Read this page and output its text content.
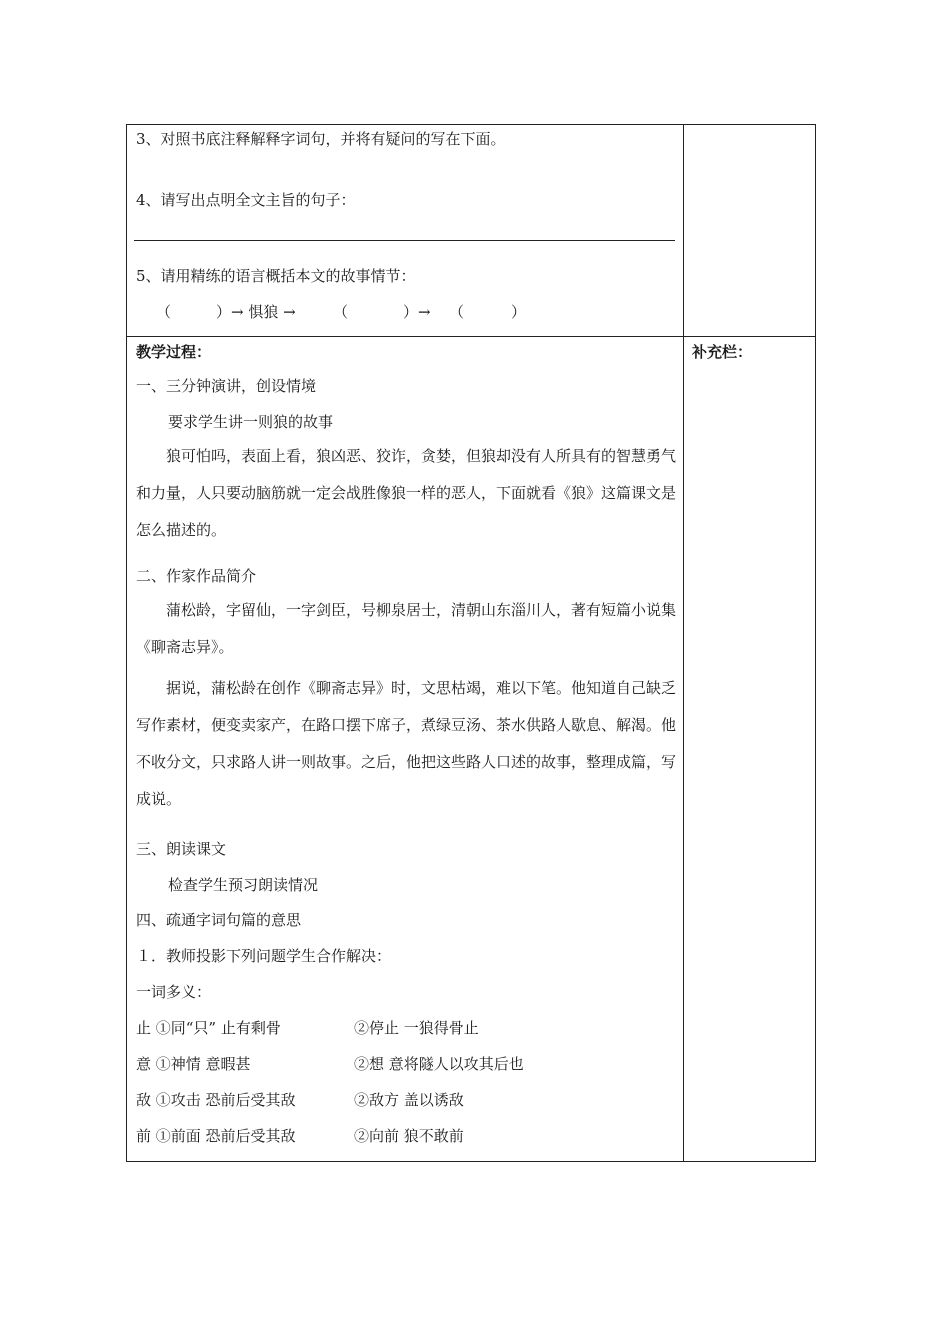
3、对照书底注释解释字词句，并将有疑问的写在下面。
4、请写出点明全文主旨的句子：
5、请用精练的语言概括本文的故事情节：
（	）→ 惧狼 → （	）→ （	）
教学过程：	补充栏：
一、三分钟演讲，创设情境
要求学生讲一则狼的故事
狼可怕吗，表面上看，狼凶恶、狡诈，贪婪，但狼却没有人所具有的智慧勇气和力量，人只要动脑筋就一定会战胜像狼一样的恶人，下面就看《狼》这篇课文是怎么描述的。
二、作家作品简介
蒲松龄，字留仙，一字剑臣，号柳泉居士，清朝山东淄川人，著有短篇小说集《聊斋志异》。
据说，蒲松龄在创作《聊斋志异》时，文思枯竭，难以下笔。他知道自己缺乏写作素材，便变卖家产，在路口摆下席子，煮绿豆汤、茶水供路人歇息、解渴。他不收分文，只求路人讲一则故事。之后，他把这些路人口述的故事，整理成篇，写成说。
三、朗读课文
检查学生预习朗读情况
四、疏通字词句篇的意思
１．教师投影下列问题学生合作解决：
一词多义：
止 ①同“只” 止有剩骨	②停止 一狼得骨止
意 ①神情 意暇甚	②想 意将隧人以攻其后也
敌 ①攻击 恐前后受其敌	②敌方 盖以诱敌
前 ①前面 恐前后受其敌	②向前 狼不敢前
